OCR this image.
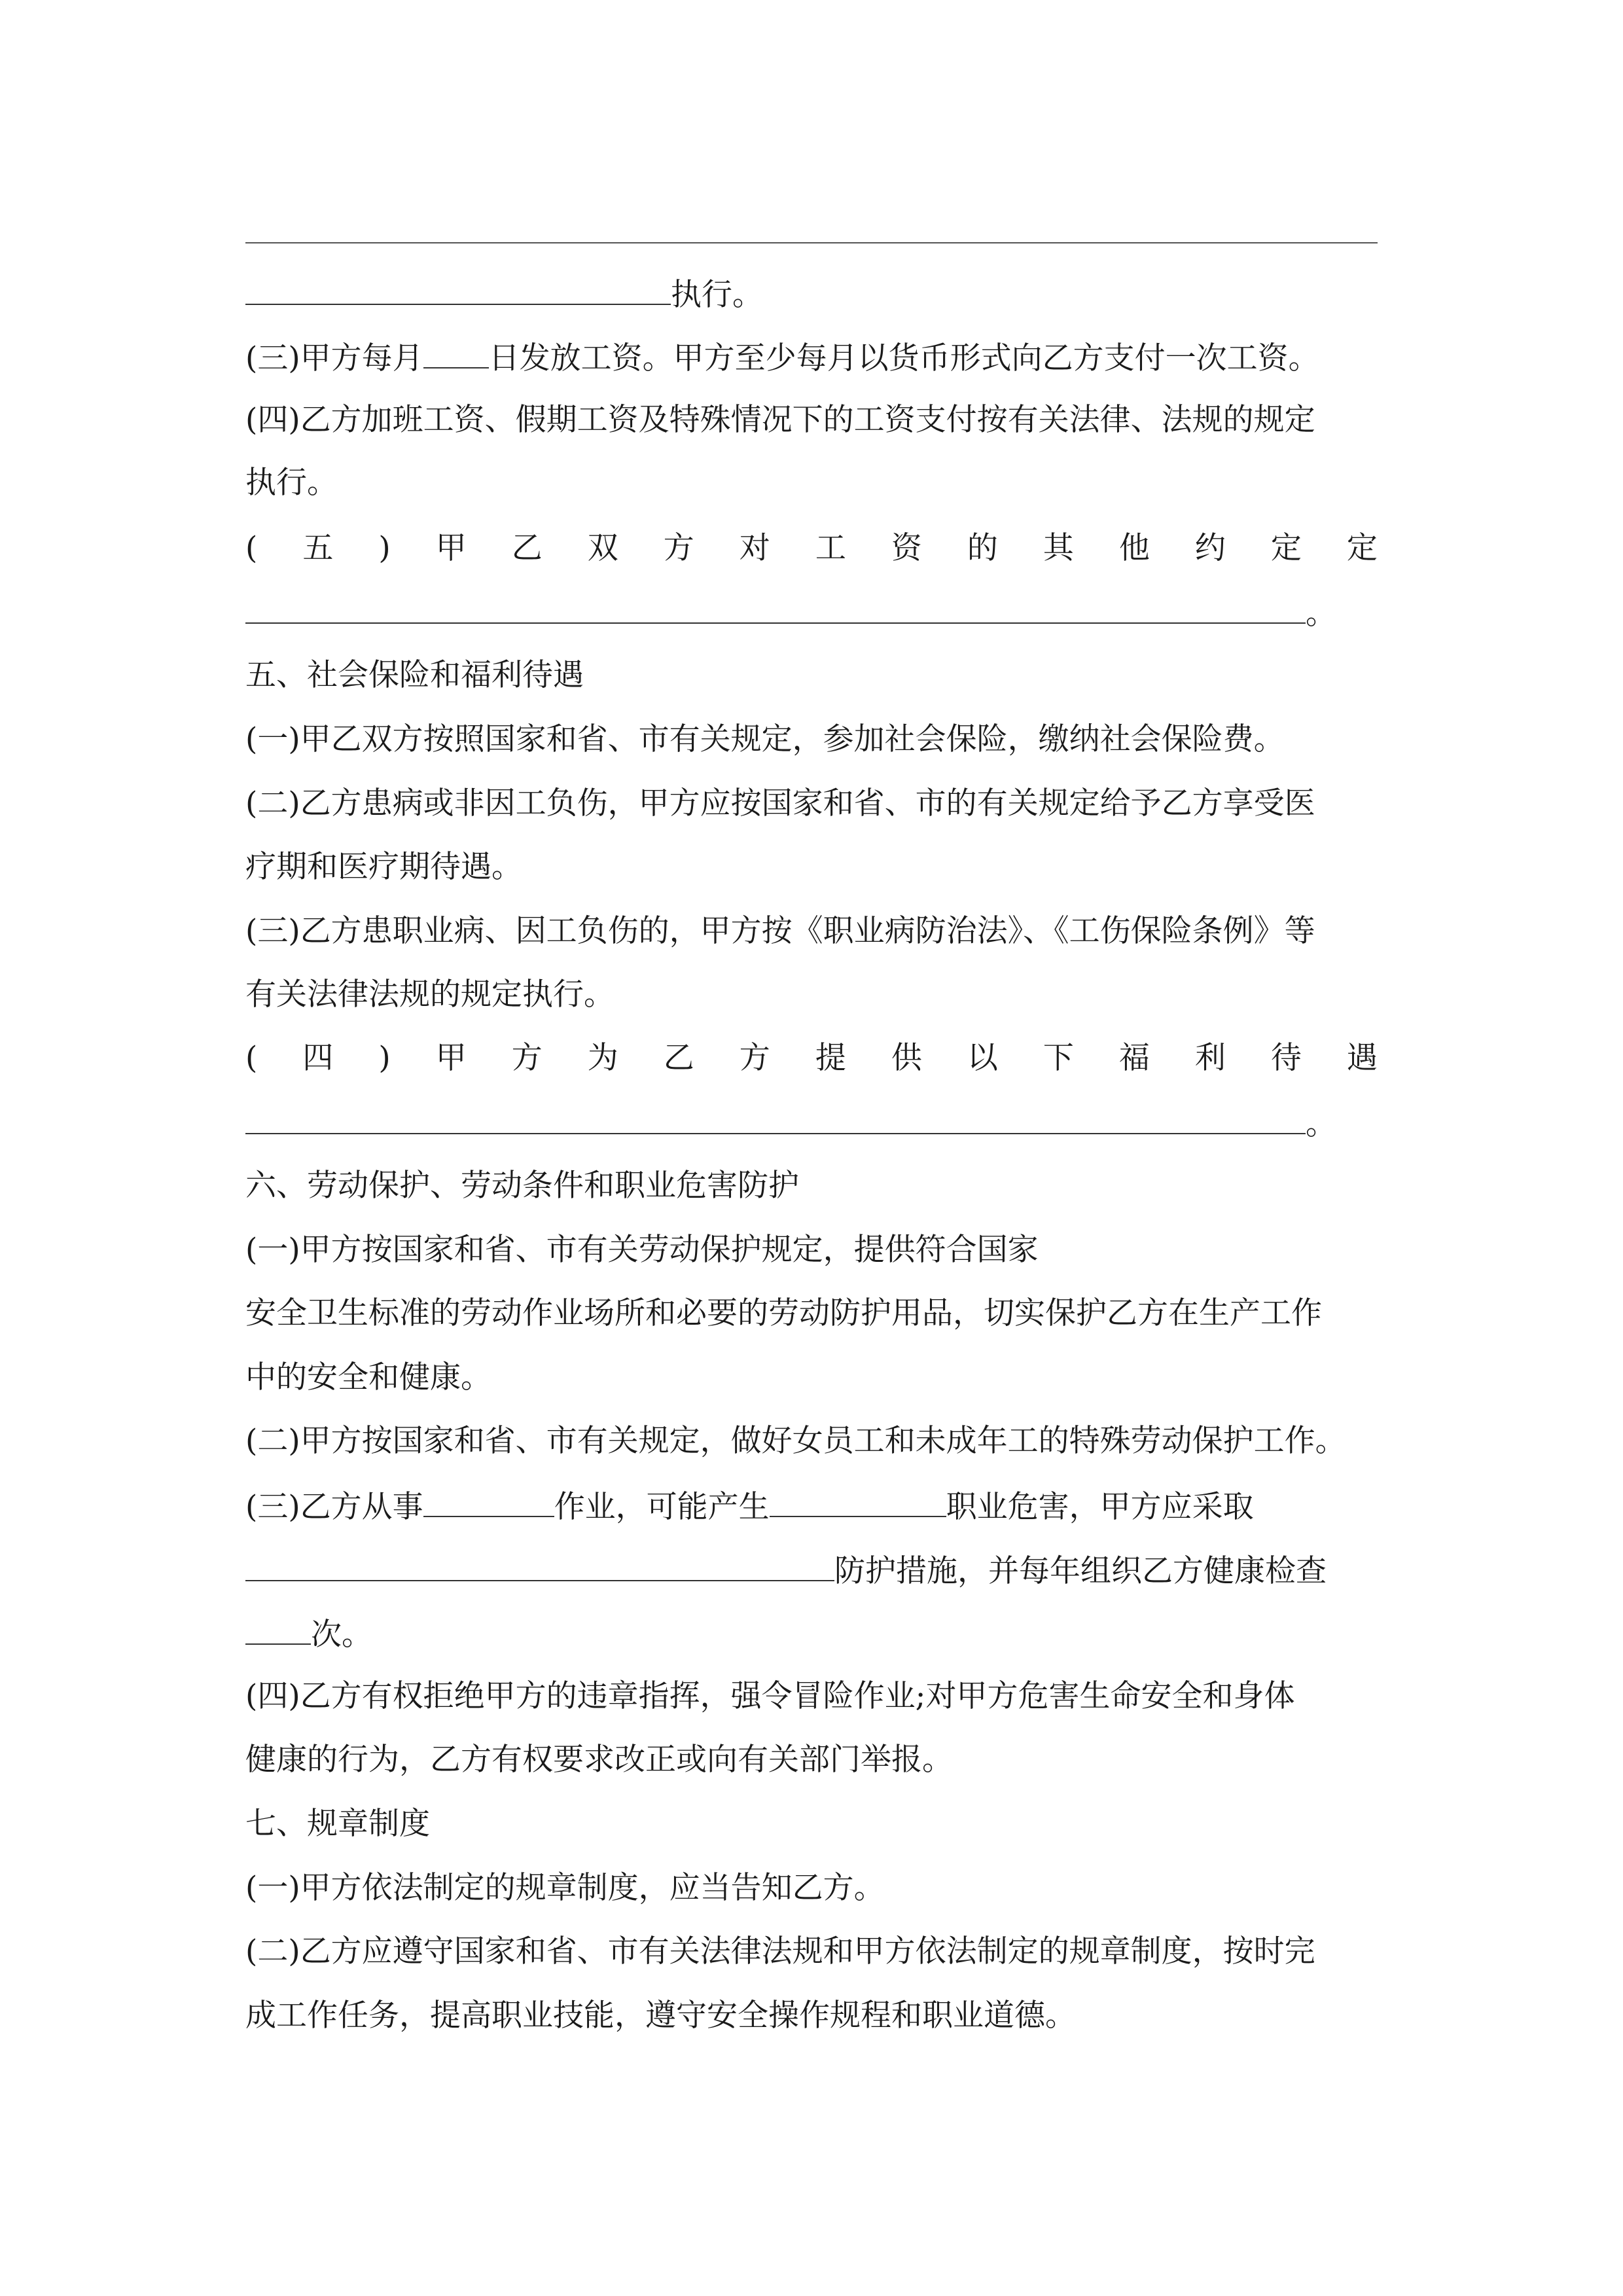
执行。
(三)甲方每月 日发放工资。甲方至少每月以货币形式向乙方支付一次工资。
(四)乙方加班工资、假期工资及特殊情况下的工资支付按有关法律、法规的规定
执行。
( 五 ) 甲 乙 双 方 对 工 资 的 其 他 约 定 定
。
五、社会保险和福利待遇
(一)甲乙双方按照国家和省、市有关规定，参加社会保险，缴纳社会保险费。
(二)乙方患病或非因工负伤，甲方应按国家和省、市的有关规定给予乙方享受医
疗期和医疗期待遇。
(三)乙方患职业病、因工负伤的，甲方按《职业病防治法》、《工伤保险条例》等
有关法律法规的规定执行。
( 四 ) 甲 方 为 乙 方 提 供 以 下 福 利 待 遇
。
六、劳动保护、劳动条件和职业危害防护
(一)甲方按国家和省、市有关劳动保护规定，提供符合国家
安全卫生标准的劳动作业场所和必要的劳动防护用品，切实保护乙方在生产工作
中的安全和健康。
(二)甲方按国家和省、市有关规定，做好女员工和未成年工的特殊劳动保护工作。
(三)乙方从事	作业，可能产生	职业危害，甲方应采取
防护措施，并每年组织乙方健康检查
次。
(四)乙方有权拒绝甲方的违章指挥，强令冒险作业;对甲方危害生命安全和身体
健康的行为，乙方有权要求改正或向有关部门举报。
七、规章制度
(一)甲方依法制定的规章制度，应当告知乙方。
(二)乙方应遵守国家和省、市有关法律法规和甲方依法制定的规章制度，按时完
成工作任务，提高职业技能，遵守安全操作规程和职业道德。
